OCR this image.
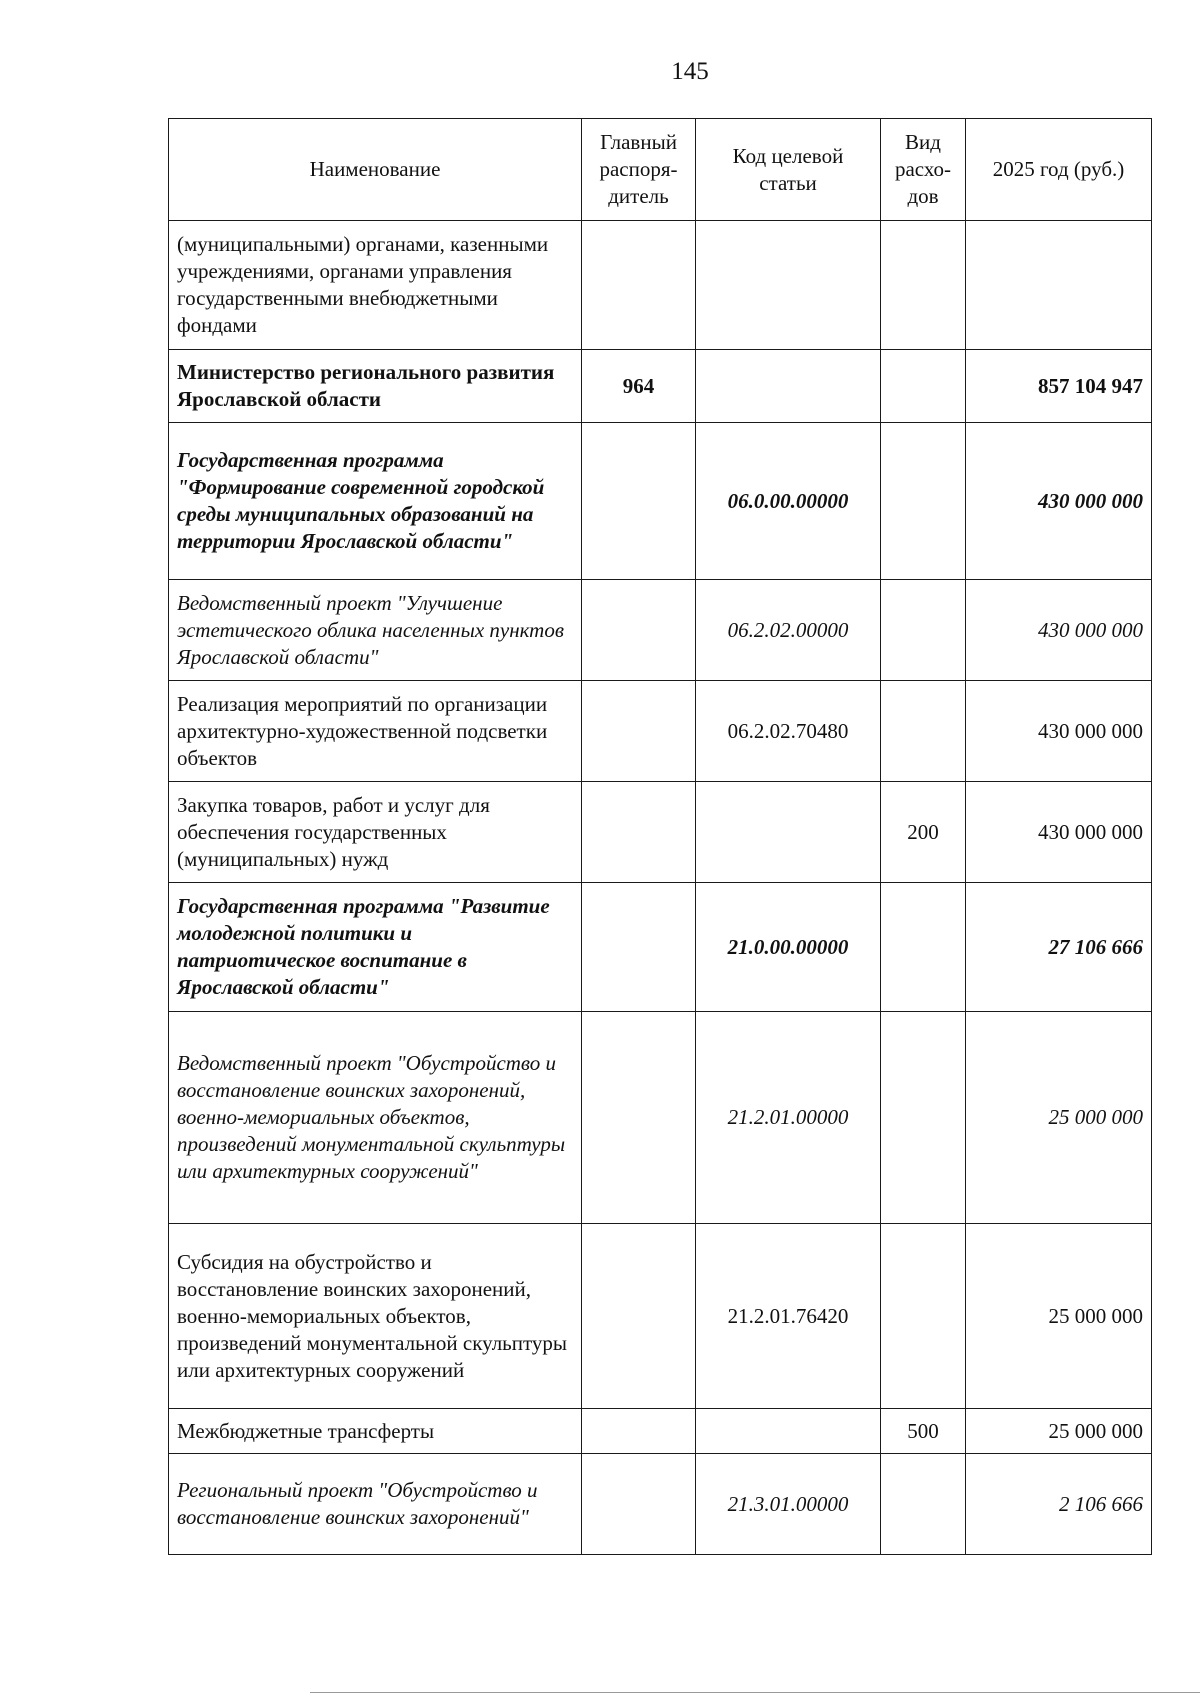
145
Наименование	Главный распоря-дитель	Код целевой статьи	Вид расхо-дов	2025 год (руб.)
(муниципальными) органами, казенными учреждениями, органами управления государственными внебюджетными фондами				
Министерство регионального развития Ярославской области	964			857 104 947
Государственная программа "Формирование современной городской среды муниципальных образований на территории Ярославской области"		06.0.00.00000		430 000 000
Ведомственный проект "Улучшение эстетического облика населенных пунктов Ярославской области"		06.2.02.00000		430 000 000
Реализация мероприятий по организации архитектурно-художественной подсветки объектов		06.2.02.70480		430 000 000
Закупка товаров, работ и услуг для обеспечения государственных (муниципальных) нужд			200	430 000 000
Государственная программа "Развитие молодежной политики и патриотическое воспитание в Ярославской области"		21.0.00.00000		27 106 666
Ведомственный проект "Обустройство и восстановление воинских захоронений, военно-мемориальных объектов, произведений монументальной скульптуры или архитектурных сооружений"		21.2.01.00000		25 000 000
Субсидия на обустройство и восстановление воинских захоронений, военно-мемориальных объектов, произведений монументальной скульптуры или архитектурных сооружений		21.2.01.76420		25 000 000
Межбюджетные трансферты			500	25 000 000
Региональный проект "Обустройство и восстановление воинских захоронений"		21.3.01.00000		2 106 666
